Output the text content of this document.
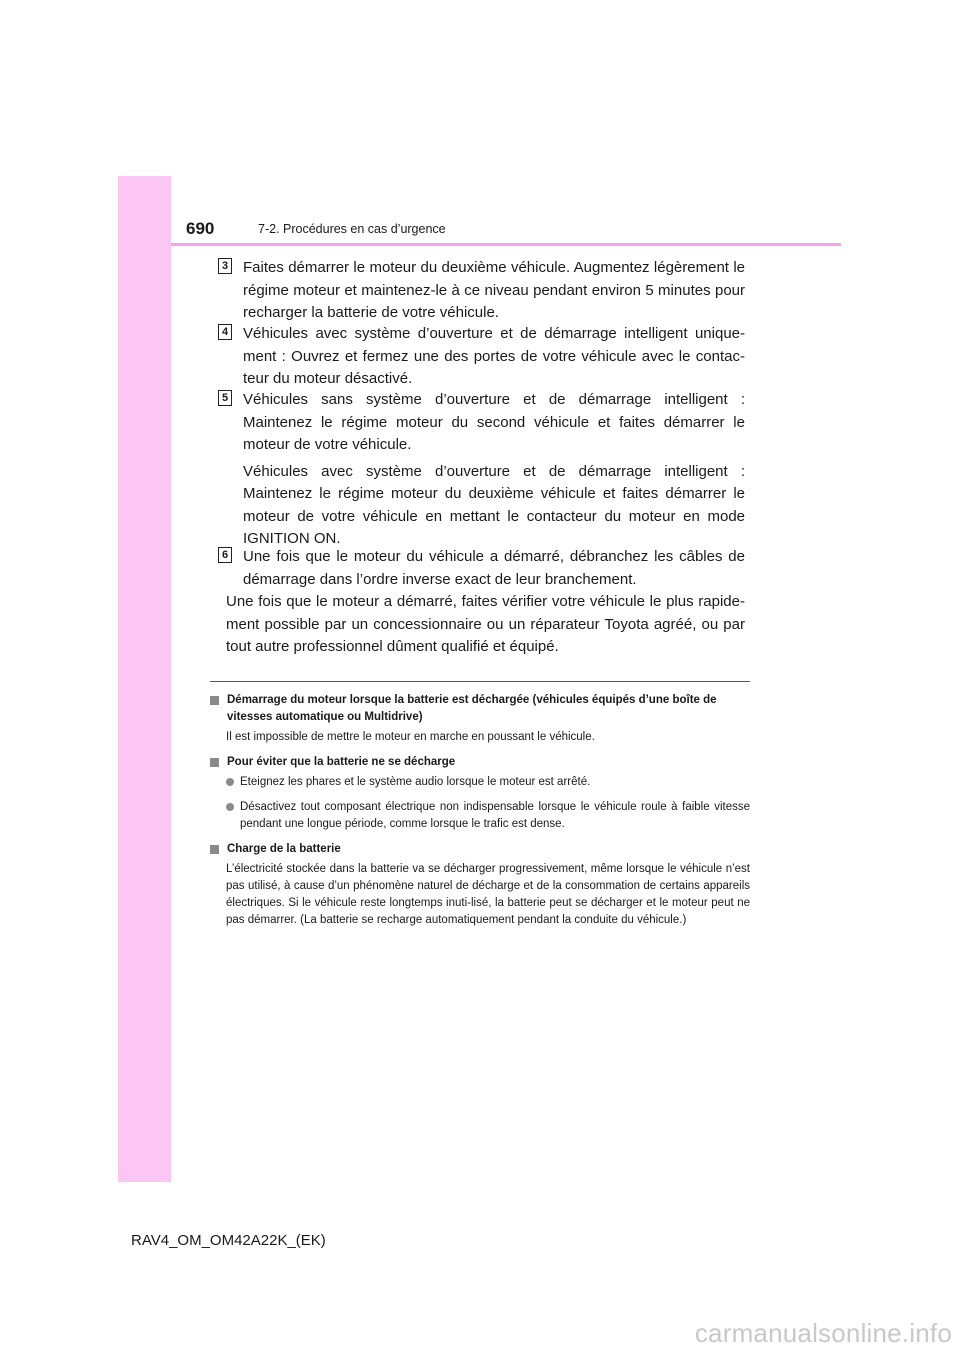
690	7-2. Procédures en cas d’urgence
3 Faites démarrer le moteur du deuxième véhicule. Augmentez légèrement le régime moteur et maintenez-le à ce niveau pendant environ 5 minutes pour recharger la batterie de votre véhicule.

4 Véhicules avec système d’ouverture et de démarrage intelligent unique-ment : Ouvrez et fermez une des portes de votre véhicule avec le contac-teur du moteur désactivé.

5 Véhicules sans système d’ouverture et de démarrage intelligent : Maintenez le régime moteur du second véhicule et faites démarrer le moteur de votre véhicule.

Véhicules avec système d’ouverture et de démarrage intelligent : Maintenez le régime moteur du deuxième véhicule et faites démarrer le moteur de votre véhicule en mettant le contacteur du moteur en mode IGNITION ON.

6 Une fois que le moteur du véhicule a démarré, débranchez les câbles de démarrage dans l’ordre inverse exact de leur branchement.

Une fois que le moteur a démarré, faites vérifier votre véhicule le plus rapide-ment possible par un concessionnaire ou un réparateur Toyota agréé, ou par tout autre professionnel dûment qualifié et équipé.

Démarrage du moteur lorsque la batterie est déchargée (véhicules équipés d’une boîte de vitesses automatique ou Multidrive)
Il est impossible de mettre le moteur en marche en poussant le véhicule.
Pour éviter que la batterie ne se décharge
Eteignez les phares et le système audio lorsque le moteur est arrêté.
Désactivez tout composant électrique non indispensable lorsque le véhicule roule à faible vitesse pendant une longue période, comme lorsque le trafic est dense.
Charge de la batterie
L’électricité stockée dans la batterie va se décharger progressivement, même lorsque le véhicule n’est pas utilisé, à cause d’un phénomène naturel de décharge et de la consommation de certains appareils électriques. Si le véhicule reste longtemps inuti-lisé, la batterie peut se décharger et le moteur peut ne pas démarrer. (La batterie se recharge automatiquement pendant la conduite du véhicule.)
RAV4_OM_OM42A22K_(EK)
carmanualsonline.info
